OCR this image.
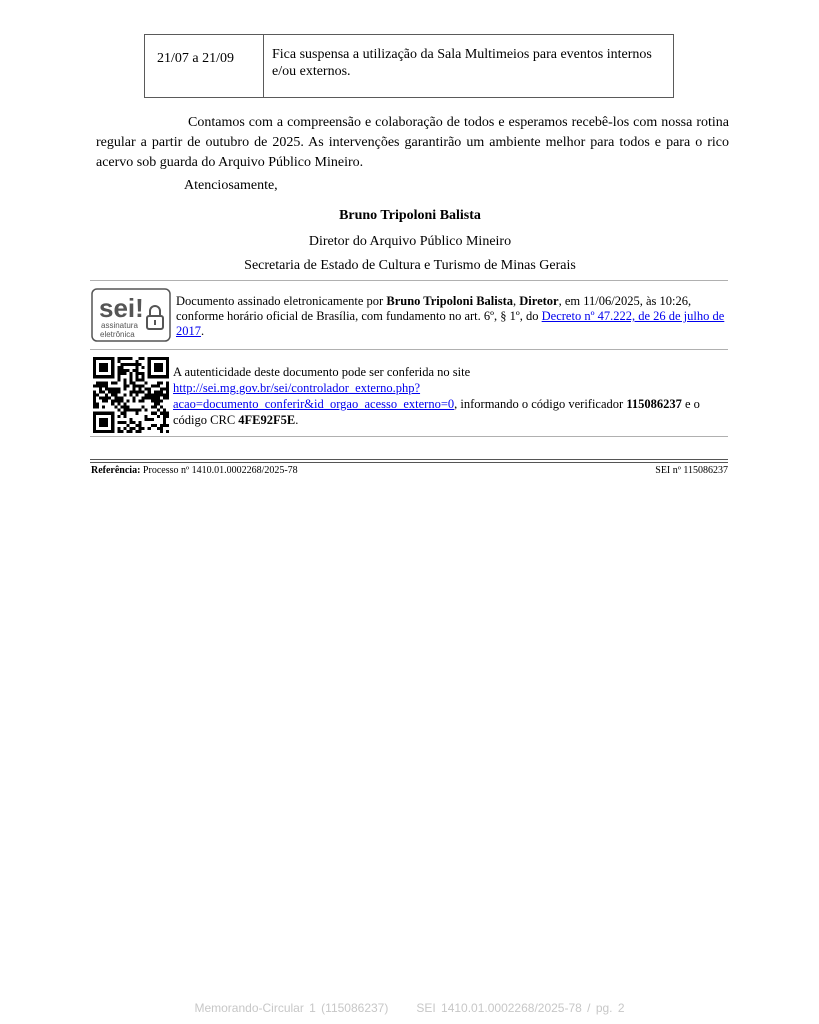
21/07 a 21/09	Fica suspensa a utilização da Sala Multimeios para eventos internos e/ou externos.
Contamos com a compreensão e colaboração de todos e esperamos recebê-los com nossa rotina regular a partir de outubro de 2025. As intervenções garantirão um ambiente melhor para todos e para o rico acervo sob guarda do Arquivo Público Mineiro.
Atenciosamente,
Bruno Tripoloni Balista
Diretor do Arquivo Público Mineiro
Secretaria de Estado de Cultura e Turismo de Minas Gerais
sei!
assinatura
eletrônica
Documento assinado eletronicamente por Bruno Tripoloni Balista, Diretor, em 11/06/2025, às 10:26, conforme horário oficial de Brasília, com fundamento no art. 6º, § 1º, do Decreto nº 47.222, de 26 de julho de 2017.
A autenticidade deste documento pode ser conferida no site
http://sei.mg.gov.br/sei/controlador_externo.php?
acao=documento_conferir&id_orgao_acesso_externo=0, informando o código verificador 115086237 e o código CRC 4FE92F5E.
Referência: Processo nº 1410.01.0002268/2025-78	SEI nº 115086237
Memorando-Circular 1 (115086237) SEI 1410.01.0002268/2025-78 / pg. 2
